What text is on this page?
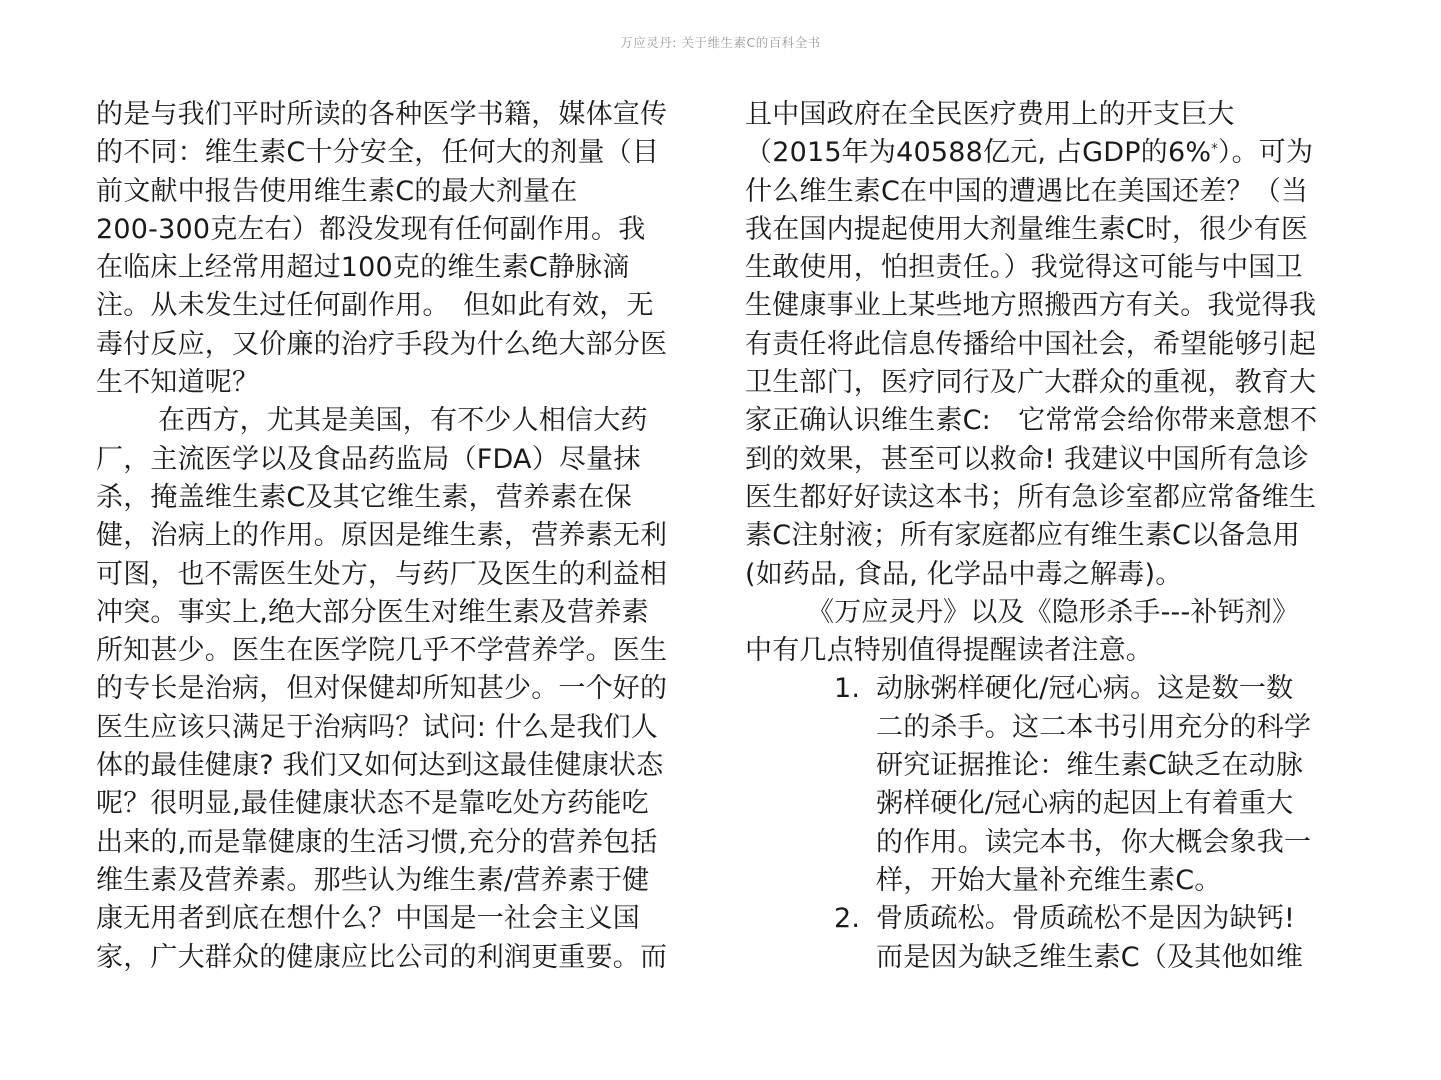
万应灵丹: 关于维生素C的百科全书
的是与我们平时所读的各种医学书籍，媒体宣传
的不同：维生素C十分安全，任何大的剂量（目
前文献中报告使用维生素C的最大剂量在
200-300克左右）都没发现有任何副作用。我
在临床上经常用超过100克的维生素C静脉滴
注。从未发生过任何副作用。　但如此有效，无
毒付反应，又价廉的治疗手段为什么绝大部分医
生不知道呢？
在西方，尤其是美国，有不少人相信大药
厂，主流医学以及食品药监局（FDA）尽量抹
杀，掩盖维生素C及其它维生素，营养素在保
健，治病上的作用。原因是维生素，营养素无利
可图，也不需医生处方，与药厂及医生的利益相
冲突。事实上,绝大部分医生对维生素及营养素
所知甚少。医生在医学院几乎不学营养学。医生
的专长是治病，但对保健却所知甚少。一个好的
医生应该只满足于治病吗？试问: 什么是我们人
体的最佳健康? 我们又如何达到这最佳健康状态
呢？很明显,最佳健康状态不是靠吃处方药能吃
出来的,而是靠健康的生活习惯,充分的营养包括
维生素及营养素。那些认为维生素/营养素于健
康无用者到底在想什么？中国是一社会主义国
家，广大群众的健康应比公司的利润更重要。而
且中国政府在全民医疗费用上的开支巨大
（2015年为40588亿元, 占GDP的6%*）。可为
什么维生素C在中国的遭遇比在美国还差？（当
我在国内提起使用大剂量维生素C时，很少有医
生敢使用，怕担责任。）我觉得这可能与中国卫
生健康事业上某些地方照搬西方有关。我觉得我
有责任将此信息传播给中国社会，希望能够引起
卫生部门，医疗同行及广大群众的重视，教育大
家正确认识维生素C:　它常常会给你带来意想不
到的效果，甚至可以救命! 我建议中国所有急诊
医生都好好读这本书；所有急诊室都应常备维生
素C注射液；所有家庭都应有维生素C以备急用
(如药品, 食品, 化学品中毒之解毒)。
《万应灵丹》以及《隐形杀手---补钙剂》
中有几点特别值得提醒读者注意。
1. 动脉粥样硬化/冠心病。这是数一数
二的杀手。这二本书引用充分的科学
研究证据推论：维生素C缺乏在动脉
粥样硬化/冠心病的起因上有着重大
的作用。读完本书，你大概会象我一
样，开始大量补充维生素C。
2. 骨质疏松。骨质疏松不是因为缺钙!
而是因为缺乏维生素C（及其他如维
